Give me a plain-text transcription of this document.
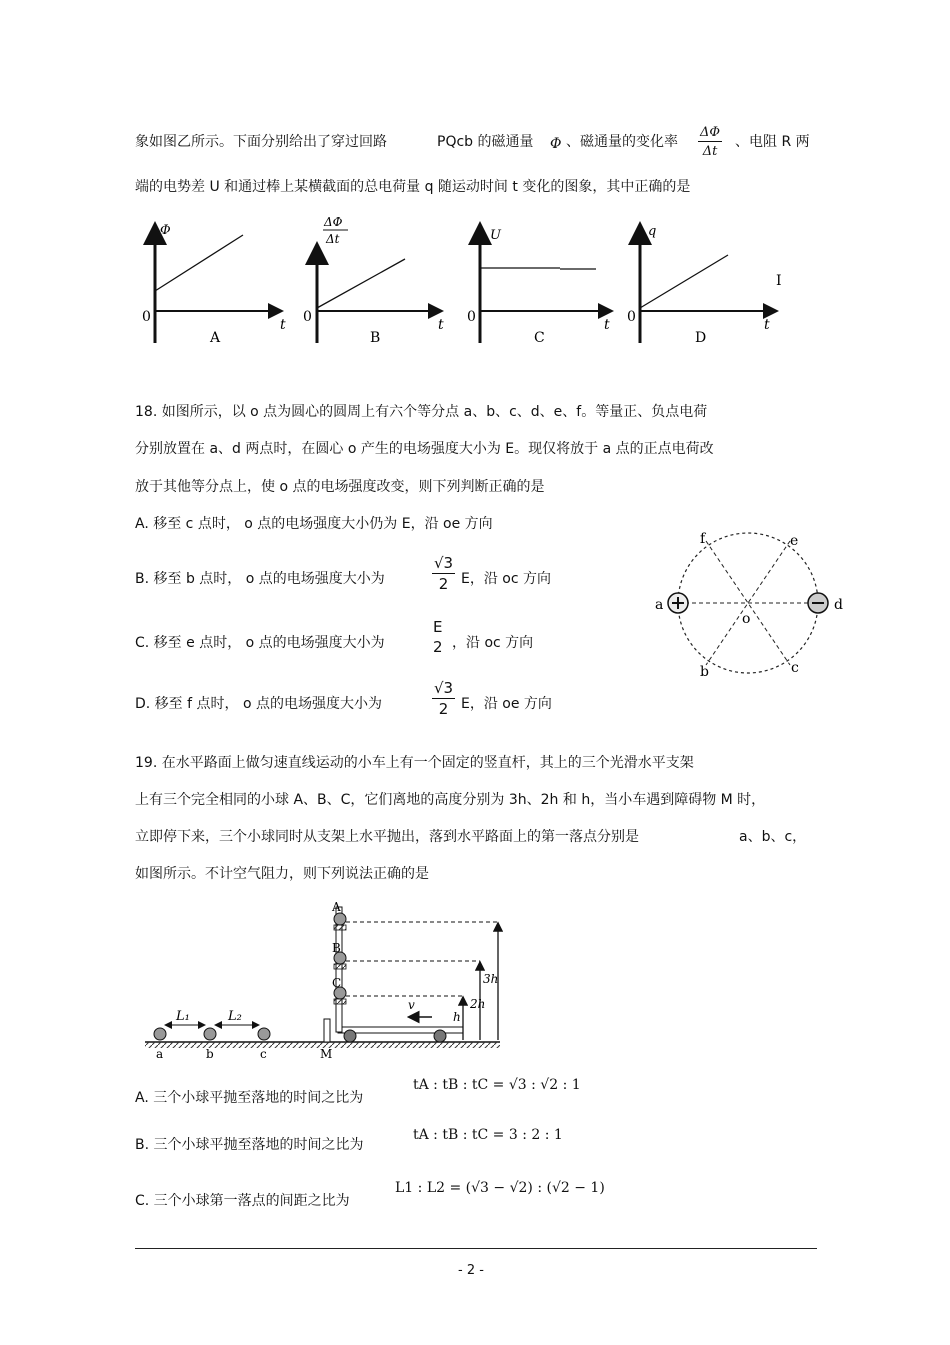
象如图乙所示。下面分别给出了穿过回路	PQcb 的磁通量 Φ 、磁通量的变化率 $\frac{\Delta\Phi}{\Delta t}$ 、电阻 R 两
端的电势差 U 和通过棒上某横截面的总电荷量 q 随运动时间 t 变化的图象，其中正确的是
Φ
t
0
A
ΔΦ
Δt
t
0
B
U
t
0
C
q
t
0
D
I
18. 如图所示，以 o 点为圆心的圆周上有六个等分点 a、b、c、d、e、f。等量正、负点电荷
分别放置在 a、d 两点时，在圆心 o 产生的电场强度大小为 E。现仅将放于 a 点的正点电荷改
放于其他等分点上，使 o 点的电场强度改变，则下列判断正确的是
A. 移至 c 点时， o 点的电场强度大小仍为 E，沿 oe 方向
B. 移至 b 点时， o 点的电场强度大小为	$\frac{√3}{2}$ E，沿 oc 方向
C. 移至 e 点时， o 点的电场强度大小为
E
2 ，沿 oc 方向
D. 移至 f 点时， o 点的电场强度大小为	$\frac{√3}{2}$ E，沿 oe 方向
a	d
f	e
b	c
o
19. 在水平路面上做匀速直线运动的小车上有一个固定的竖直杆，其上的三个光滑水平支架
上有三个完全相同的小球 A、B、C，它们离地的高度分别为 3h、2h 和 h，当小车遇到障碍物 M 时，
立即停下来，三个小球同时从支架上水平抛出，落到水平路面上的第一落点分别是	a、b、c，
如图所示。不计空气阻力，则下列说法正确的是
L₁	L₂
a	b	c	M
A
B
C	3h
2h
h
v
A. 三个小球平抛至落地的时间之比为
tA : tB : tC = √3 : √2 : 1
B. 三个小球平抛至落地的时间之比为
tA : tB : tC = 3 : 2 : 1
C. 三个小球第一落点的间距之比为
L1 : L2 = (√3 − √2) : (√2 − 1)
- 2 -
